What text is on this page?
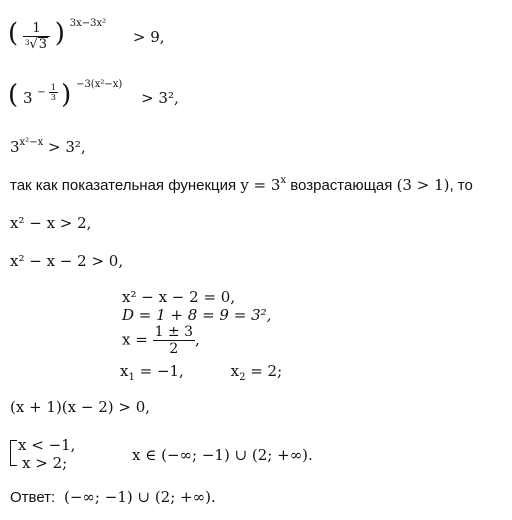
( $\frac{1}{^3√3}$ ) $^{3x-3x^2}$ > 9,
( 3 $^{- \frac{1}{3}}$ ) $^{-3(x^2-x)}$ > 3²,
$3^{x^2-x} > 3^2$,
так как показательная фунекция $y = 3^x$ возрастающая (3 > 1), то
x² − x > 2,
x² − x − 2 > 0,
x² − x − 2 = 0,
D = 1 + 8 = 9 = 3²,
$x = \frac{1 \pm 3}{2}$ ,
$x_1 = -1$,	$x_2 = 2$;
(x + 1)(x − 2) > 0,
x < −1,
x > 2;	x ∈ (−∞; −1) ∪ (2; +∞).
Ответ: (−∞; −1) ∪ (2; +∞).
